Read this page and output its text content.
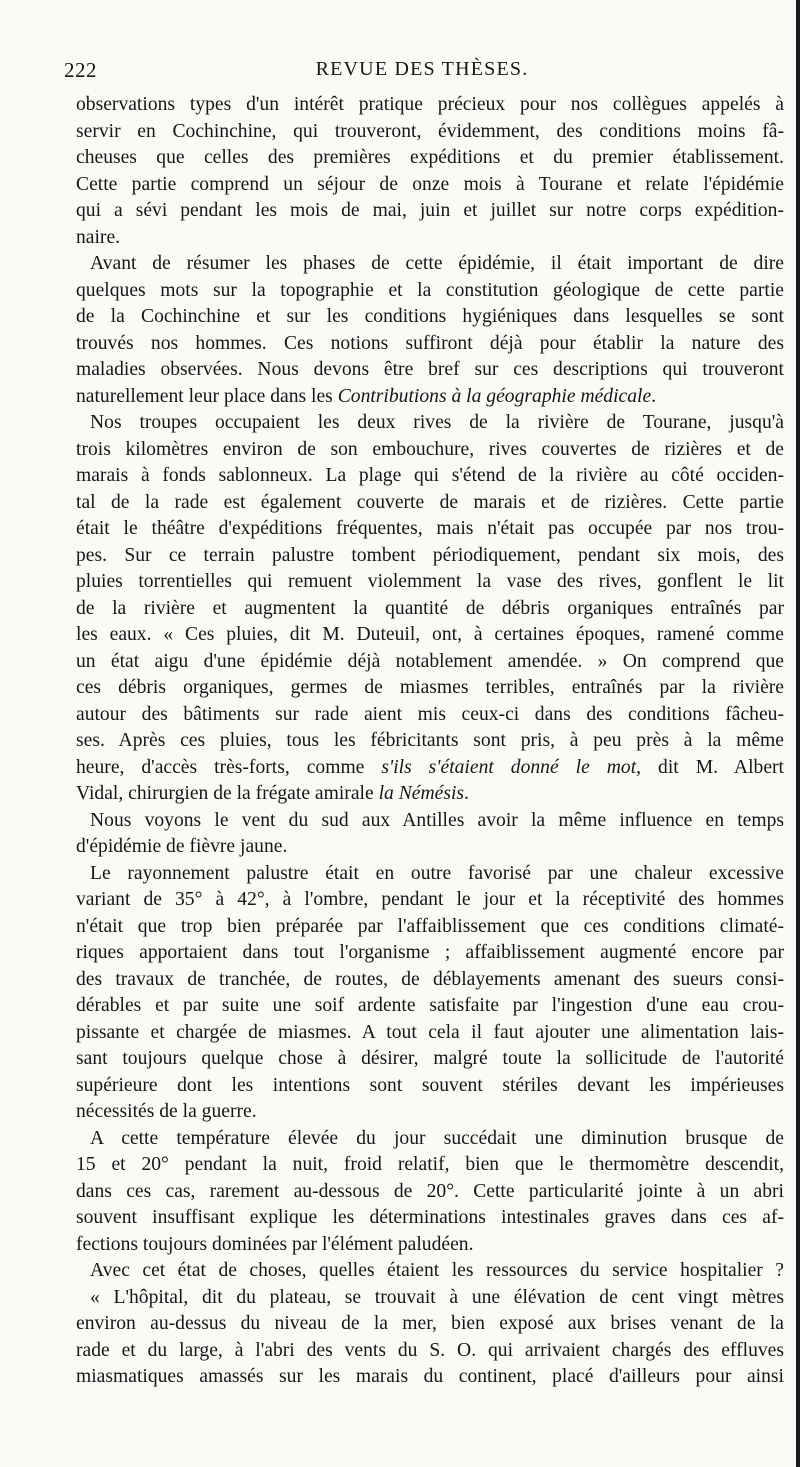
222	REVUE DES THÈSES.
observations types d'un intérêt pratique précieux pour nos collègues appelés à
servir en Cochinchine, qui trouveront, évidemment, des conditions moins fâ-
cheuses que celles des premières expéditions et du premier établissement.
Cette partie comprend un séjour de onze mois à Tourane et relate l'épidémie
qui a sévi pendant les mois de mai, juin et juillet sur notre corps expédition-
naire.
Avant de résumer les phases de cette épidémie, il était important de dire
quelques mots sur la topographie et la constitution géologique de cette partie
de la Cochinchine et sur les conditions hygiéniques dans lesquelles se sont
trouvés nos hommes. Ces notions suffiront déjà pour établir la nature des
maladies observées. Nous devons être bref sur ces descriptions qui trouveront
naturellement leur place dans les Contributions à la géographie médicale.
Nos troupes occupaient les deux rives de la rivière de Tourane, jusqu'à
trois kilomètres environ de son embouchure, rives couvertes de rizières et de
marais à fonds sablonneux. La plage qui s'étend de la rivière au côté occiden-
tal de la rade est également couverte de marais et de rizières. Cette partie
était le théâtre d'expéditions fréquentes, mais n'était pas occupée par nos trou-
pes. Sur ce terrain palustre tombent périodiquement, pendant six mois, des
pluies torrentielles qui remuent violemment la vase des rives, gonflent le lit
de la rivière et augmentent la quantité de débris organiques entraînés par
les eaux. « Ces pluies, dit M. Duteuil, ont, à certaines époques, ramené comme
un état aigu d'une épidémie déjà notablement amendée. » On comprend que
ces débris organiques, germes de miasmes terribles, entraînés par la rivière
autour des bâtiments sur rade aient mis ceux-ci dans des conditions fâcheu-
ses. Après ces pluies, tous les fébricitants sont pris, à peu près à la même
heure, d'accès très-forts, comme s'ils s'étaient donné le mot, dit M. Albert
Vidal, chirurgien de la frégate amirale la Némésis.
Nous voyons le vent du sud aux Antilles avoir la même influence en temps
d'épidémie de fièvre jaune.
Le rayonnement palustre était en outre favorisé par une chaleur excessive
variant de 35° à 42°, à l'ombre, pendant le jour et la réceptivité des hommes
n'était que trop bien préparée par l'affaiblissement que ces conditions climaté-
riques apportaient dans tout l'organisme ; affaiblissement augmenté encore par
des travaux de tranchée, de routes, de déblayements amenant des sueurs consi-
dérables et par suite une soif ardente satisfaite par l'ingestion d'une eau crou-
pissante et chargée de miasmes. A tout cela il faut ajouter une alimentation lais-
sant toujours quelque chose à désirer, malgré toute la sollicitude de l'autorité
supérieure dont les intentions sont souvent stériles devant les impérieuses
nécessités de la guerre.
A cette température élevée du jour succédait une diminution brusque de
15 et 20° pendant la nuit, froid relatif, bien que le thermomètre descendit,
dans ces cas, rarement au-dessous de 20°. Cette particularité jointe à un abri
souvent insuffisant explique les déterminations intestinales graves dans ces af-
fections toujours dominées par l'élément paludéen.
Avec cet état de choses, quelles étaient les ressources du service hospitalier ?
« L'hôpital, dit du plateau, se trouvait à une élévation de cent vingt mètres
environ au-dessus du niveau de la mer, bien exposé aux brises venant de la
rade et du large, à l'abri des vents du S. O. qui arrivaient chargés des effluves
miasmatiques amassés sur les marais du continent, placé d'ailleurs pour ainsi
